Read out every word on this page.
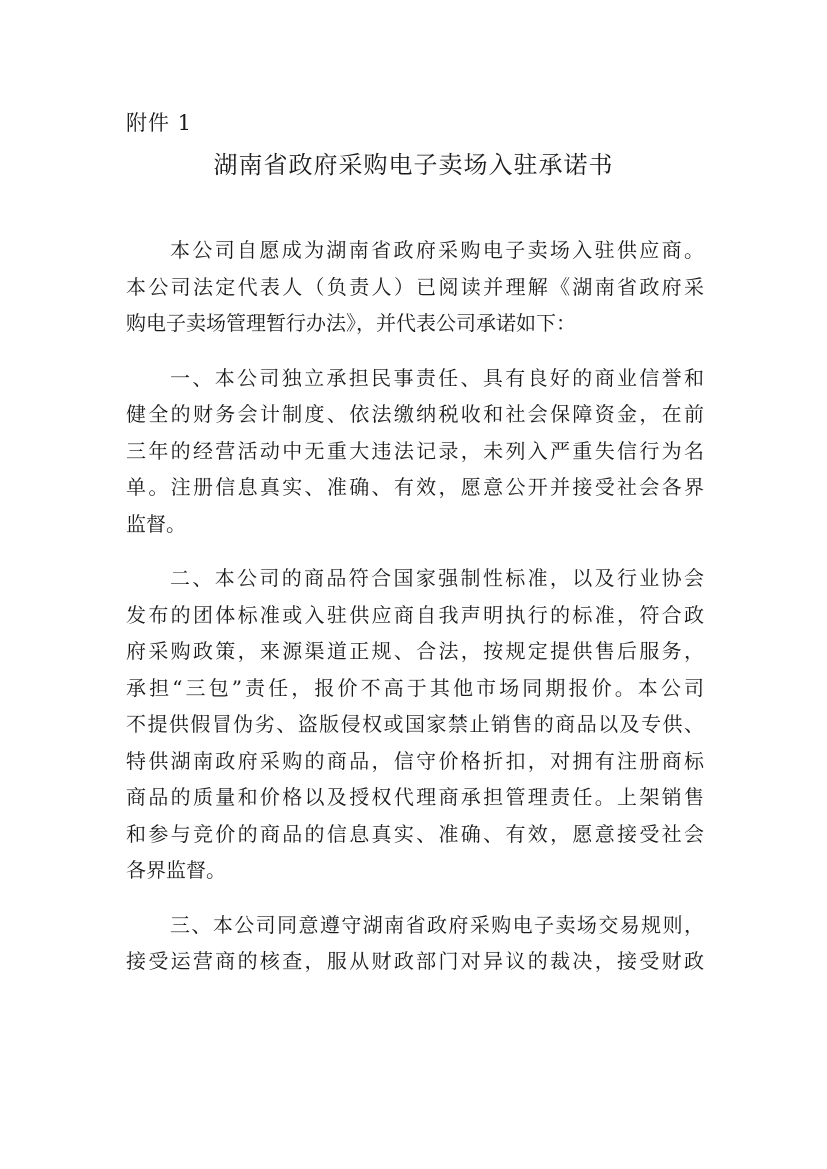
附件 1
湖南省政府采购电子卖场入驻承诺书
本公司自愿成为湖南省政府采购电子卖场入驻供应商。
本公司法定代表人（负责人）已阅读并理解《湖南省政府采
购电子卖场管理暂行办法》，并代表公司承诺如下：
一、本公司独立承担民事责任、具有良好的商业信誉和
健全的财务会计制度、依法缴纳税收和社会保障资金，在前
三年的经营活动中无重大违法记录，未列入严重失信行为名
单。注册信息真实、准确、有效，愿意公开并接受社会各界
监督。
二、本公司的商品符合国家强制性标准，以及行业协会
发布的团体标准或入驻供应商自我声明执行的标准，符合政
府采购政策，来源渠道正规、合法，按规定提供售后服务，
承担“三包”责任，报价不高于其他市场同期报价。本公司
不提供假冒伪劣、盗版侵权或国家禁止销售的商品以及专供、
特供湖南政府采购的商品，信守价格折扣，对拥有注册商标
商品的质量和价格以及授权代理商承担管理责任。上架销售
和参与竞价的商品的信息真实、准确、有效，愿意接受社会
各界监督。
三、本公司同意遵守湖南省政府采购电子卖场交易规则，
接受运营商的核查，服从财政部门对异议的裁决，接受财政
